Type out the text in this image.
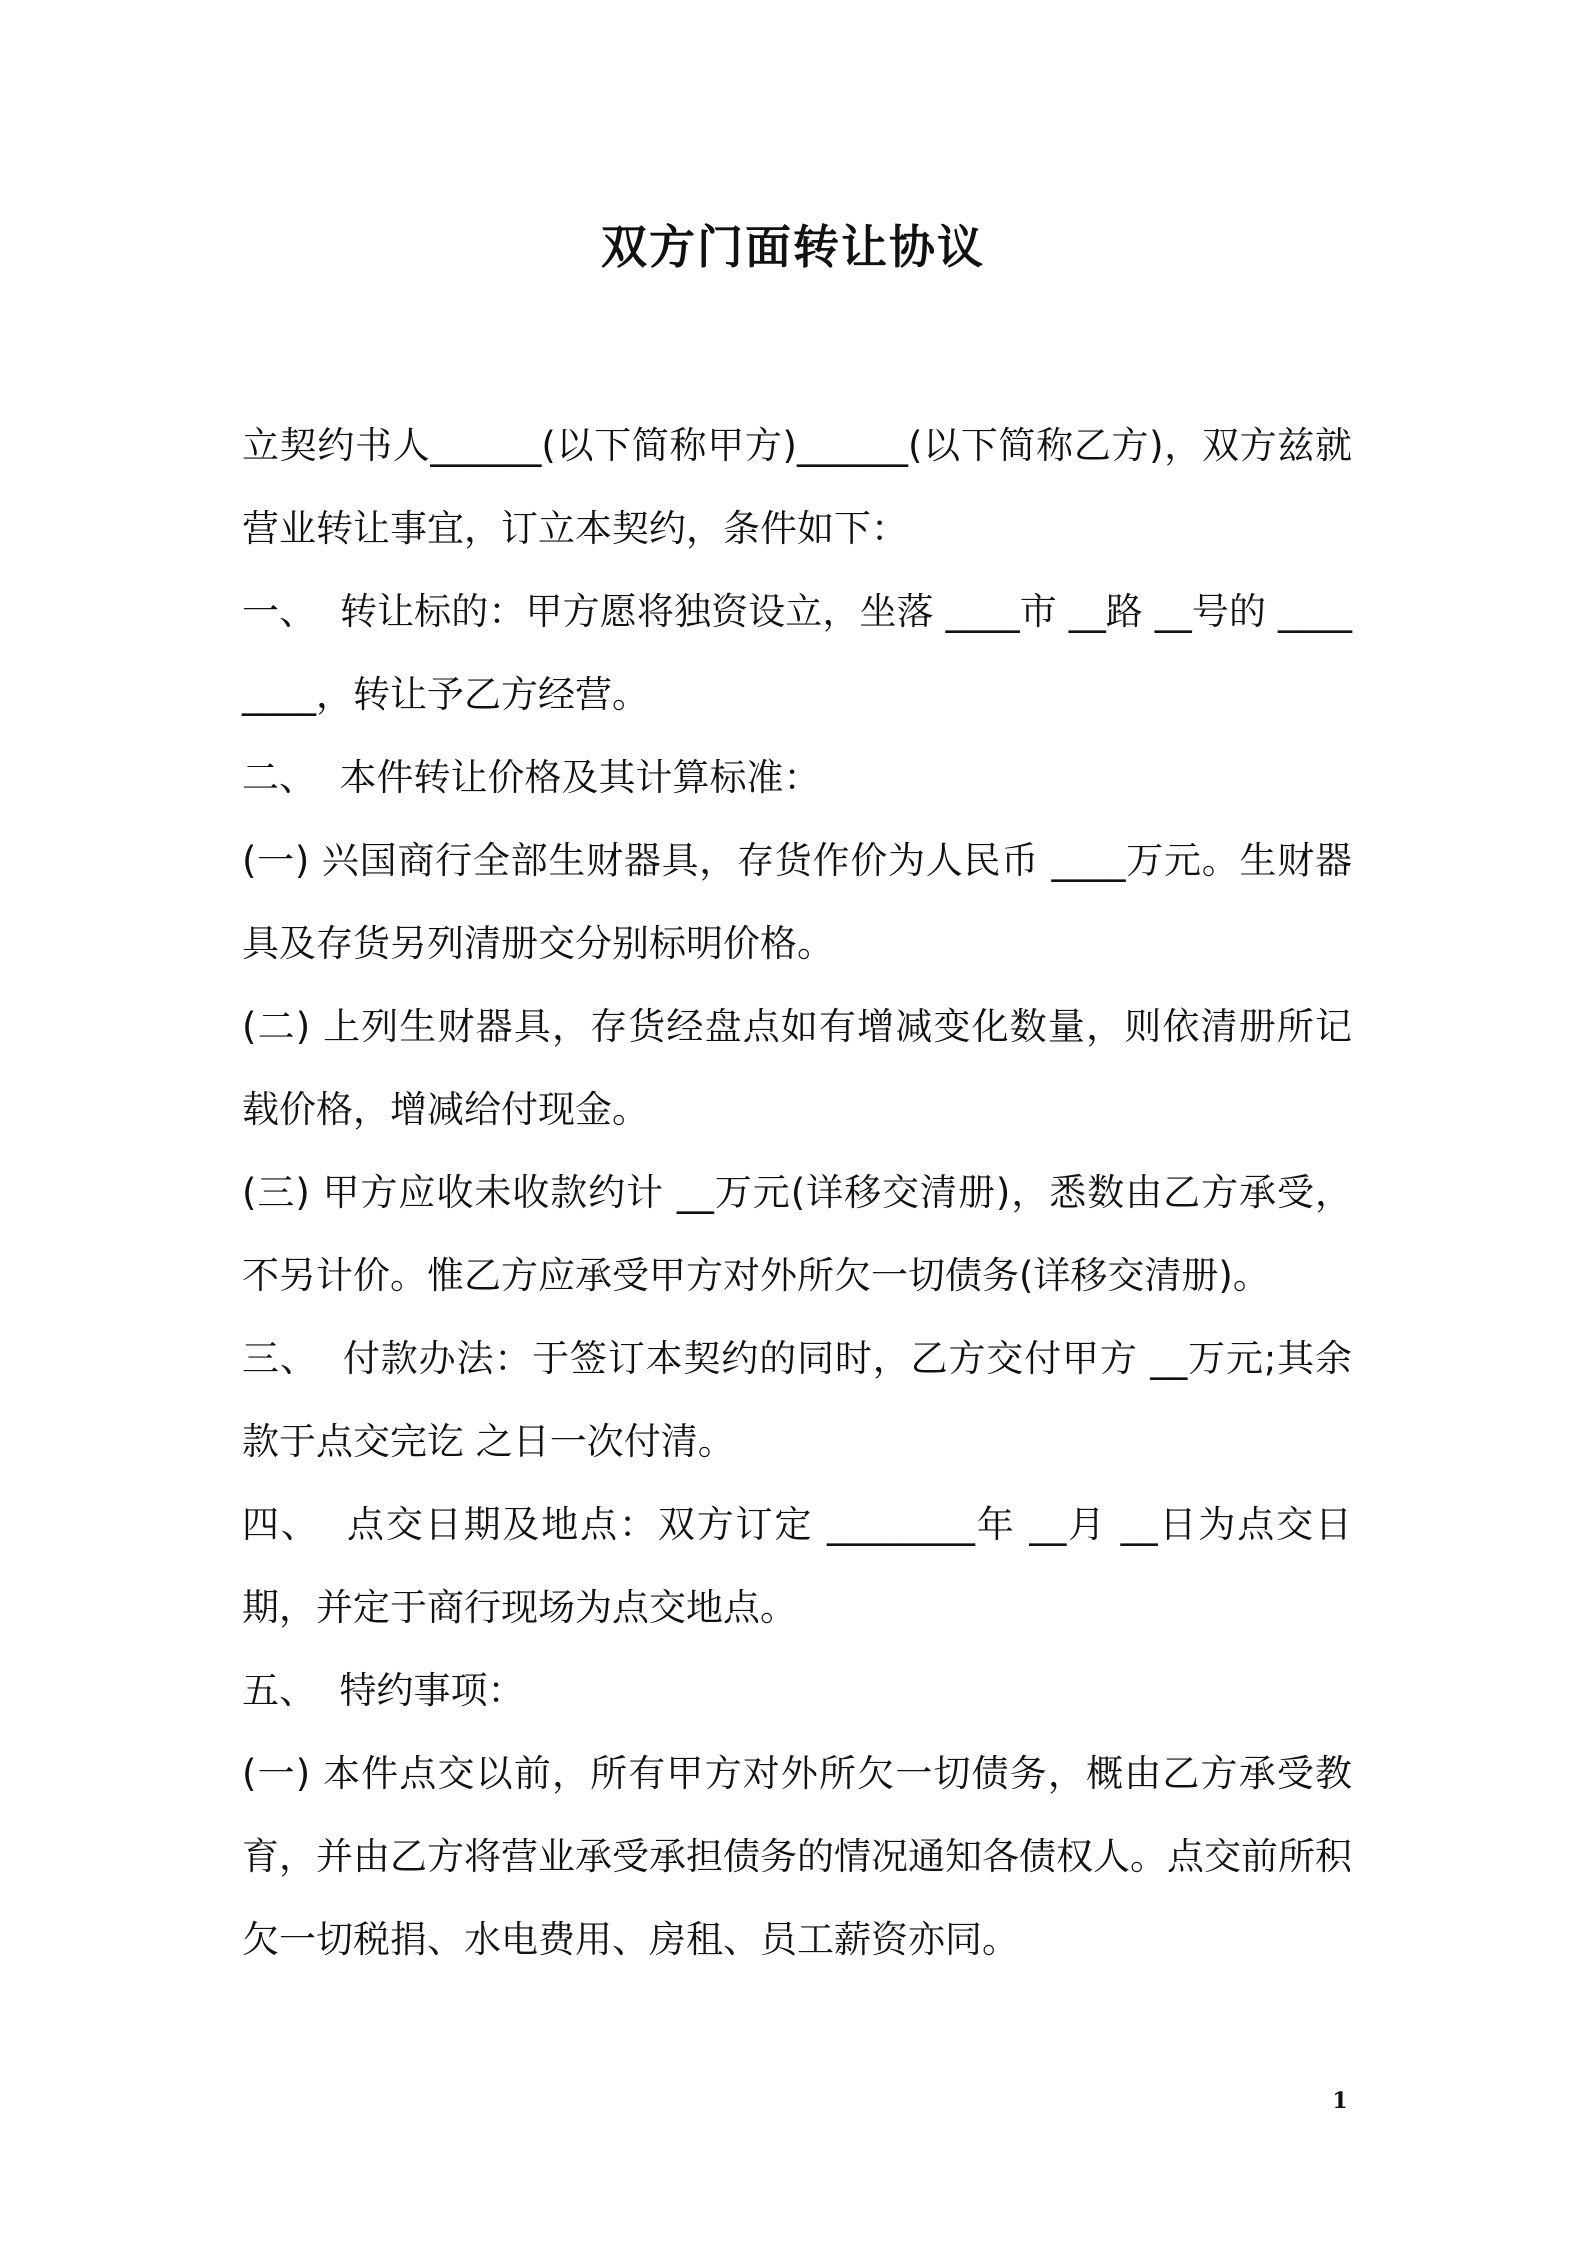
双方门面转让协议

立契约书人______(以下简称甲方)______(以下简称乙方)，双方兹就营业转让事宜，订立本契约，条件如下：

一、  转让标的：甲方愿将独资设立，坐落 ____市 __路 __号的 ________，转让予乙方经营。

二、  本件转让价格及其计算标准：

(一) 兴国商行全部生财器具，存货作价为人民币 ____万元。生财器具及存货另列清册交分别标明价格。

(二) 上列生财器具，存货经盘点如有增减变化数量，则依清册所记载价格，增减给付现金。

(三) 甲方应收未收款约计 __万元(详移交清册)，悉数由乙方承受，不另计价。惟乙方应承受甲方对外所欠一切债务(详移交清册)。

三、  付款办法：于签订本契约的同时，乙方交付甲方 __万元;其余款于点交完讫 之日一次付清。

四、  点交日期及地点：双方订定 ________年 __月 __日为点交日期，并定于商行现场为点交地点。

五、  特约事项：

(一) 本件点交以前，所有甲方对外所欠一切债务，概由乙方承受教育，并由乙方将营业承受承担债务的情况通知各债权人。点交前所积欠一切税捐、水电费用、房租、员工薪资亦同。

1
